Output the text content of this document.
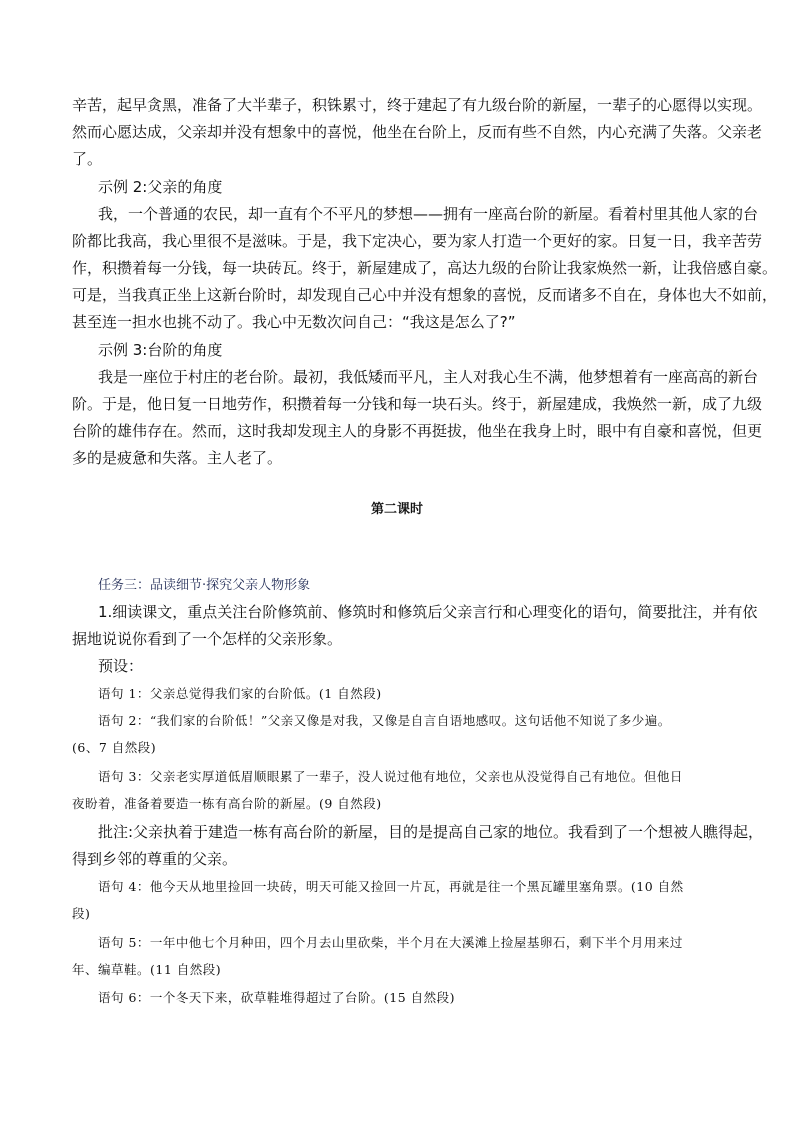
辛苦，起早贪黑，准备了大半辈子，积铢累寸，终于建起了有九级台阶的新屋，一辈子的心愿得以实现。
然而心愿达成，父亲却并没有想象中的喜悦，他坐在台阶上，反而有些不自然，内心充满了失落。父亲老
了。
示例 2:父亲的角度
我，一个普通的农民，却一直有个不平凡的梦想——拥有一座高台阶的新屋。看着村里其他人家的台
阶都比我高，我心里很不是滋味。于是，我下定决心，要为家人打造一个更好的家。日复一日，我辛苦劳
作，积攒着每一分钱，每一块砖瓦。终于，新屋建成了，高达九级的台阶让我家焕然一新，让我倍感自豪。
可是，当我真正坐上这新台阶时，却发现自己心中并没有想象的喜悦，反而诸多不自在，身体也大不如前，
甚至连一担水也挑不动了。我心中无数次问自己：“我这是怎么了?”
示例 3:台阶的角度
我是一座位于村庄的老台阶。最初，我低矮而平凡，主人对我心生不满，他梦想着有一座高高的新台
阶。于是，他日复一日地劳作，积攒着每一分钱和每一块石头。终于，新屋建成，我焕然一新，成了九级
台阶的雄伟存在。然而，这时我却发现主人的身影不再挺拔，他坐在我身上时，眼中有自豪和喜悦，但更
多的是疲惫和失落。主人老了。
第二课时
任务三：品读细节·探究父亲人物形象
1.细读课文，重点关注台阶修筑前、修筑时和修筑后父亲言行和心理变化的语句，简要批注，并有依
据地说说你看到了一个怎样的父亲形象。
预设：
语句 1：父亲总觉得我们家的台阶低。(1 自然段)
语句 2：“我们家的台阶低！”父亲又像是对我，又像是自言自语地感叹。这句话他不知说了多少遍。
(6、7 自然段)
语句 3：父亲老实厚道低眉顺眼累了一辈子，没人说过他有地位，父亲也从没觉得自己有地位。但他日
夜盼着，准备着要造一栋有高台阶的新屋。(9 自然段)
批注:父亲执着于建造一栋有高台阶的新屋，目的是提高自己家的地位。我看到了一个想被人瞧得起，
得到乡邻的尊重的父亲。
语句 4：他今天从地里捡回一块砖，明天可能又捡回一片瓦，再就是往一个黑瓦罐里塞角票。(10 自然
段)
语句 5：一年中他七个月种田，四个月去山里砍柴，半个月在大溪滩上捡屋基卵石，剩下半个月用来过
年、编草鞋。(11 自然段)
语句 6：一个冬天下来，砍草鞋堆得超过了台阶。(15 自然段)
